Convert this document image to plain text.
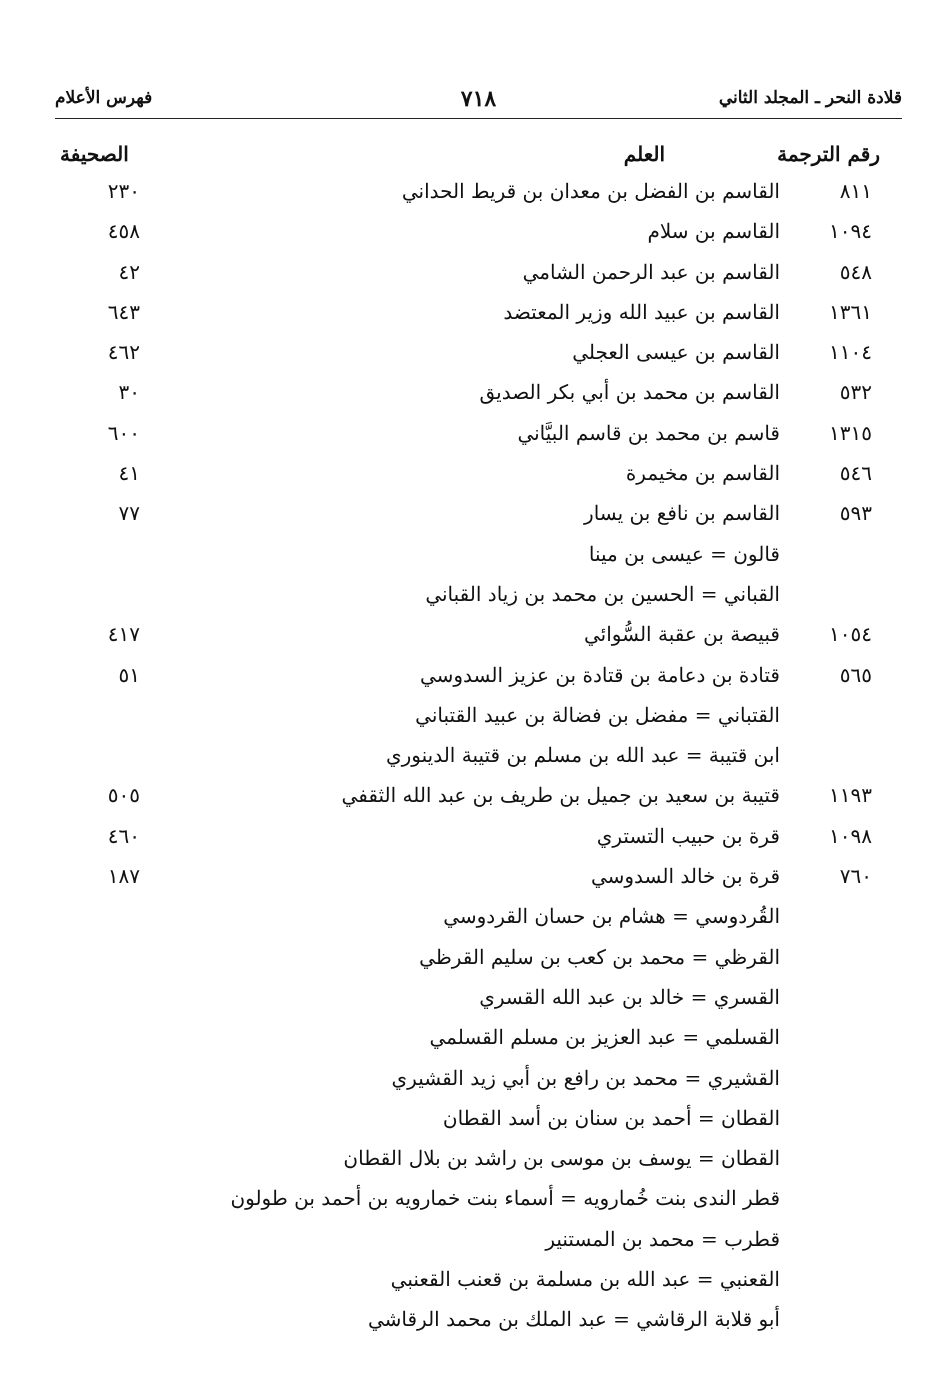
قلادة النحر ـ المجلد الثاني
٧١٨
فهرس الأعلام
رقم الترجمة
العلم
الصحيفة
٨١١
القاسم بن الفضل بن معدان بن قريط الحداني
٢٣٠
١٠٩٤
القاسم بن سلام
٤٥٨
٥٤٨
القاسم بن عبد الرحمن الشامي
٤٢
١٣٦١
القاسم بن عبيد الله وزير المعتضد
٦٤٣
١١٠٤
القاسم بن عيسى العجلي
٤٦٢
٥٣٢
القاسم بن محمد بن أبي بكر الصديق
٣٠
١٣١٥
قاسم بن محمد بن قاسم البيَّاني
٦٠٠
٥٤٦
القاسم بن مخيمرة
٤١
٥٩٣
القاسم بن نافع بن يسار
٧٧
قالون = عيسى بن مينا
القباني = الحسين بن محمد بن زياد القباني
١٠٥٤
قبيصة بن عقبة السُّوائي
٤١٧
٥٦٥
قتادة بن دعامة بن قتادة بن عزيز السدوسي
٥١
القتباني = مفضل بن فضالة بن عبيد القتباني
ابن قتيبة = عبد الله بن مسلم بن قتيبة الدينوري
١١٩٣
قتيبة بن سعيد بن جميل بن طريف بن عبد الله الثقفي
٥٠٥
١٠٩٨
قرة بن حبيب التستري
٤٦٠
٧٦٠
قرة بن خالد السدوسي
١٨٧
القُردوسي = هشام بن حسان القردوسي
القرظي = محمد بن كعب بن سليم القرظي
القسري = خالد بن عبد الله القسري
القسلمي = عبد العزيز بن مسلم القسلمي
القشيري = محمد بن رافع بن أبي زيد القشيري
القطان = أحمد بن سنان بن أسد القطان
القطان = يوسف بن موسى بن راشد بن بلال القطان
قطر الندى بنت خُمارويه = أسماء بنت خمارويه بن أحمد بن طولون
قطرب = محمد بن المستنير
القعنبي = عبد الله بن مسلمة بن قعنب القعنبي
أبو قلابة الرقاشي = عبد الملك بن محمد الرقاشي
